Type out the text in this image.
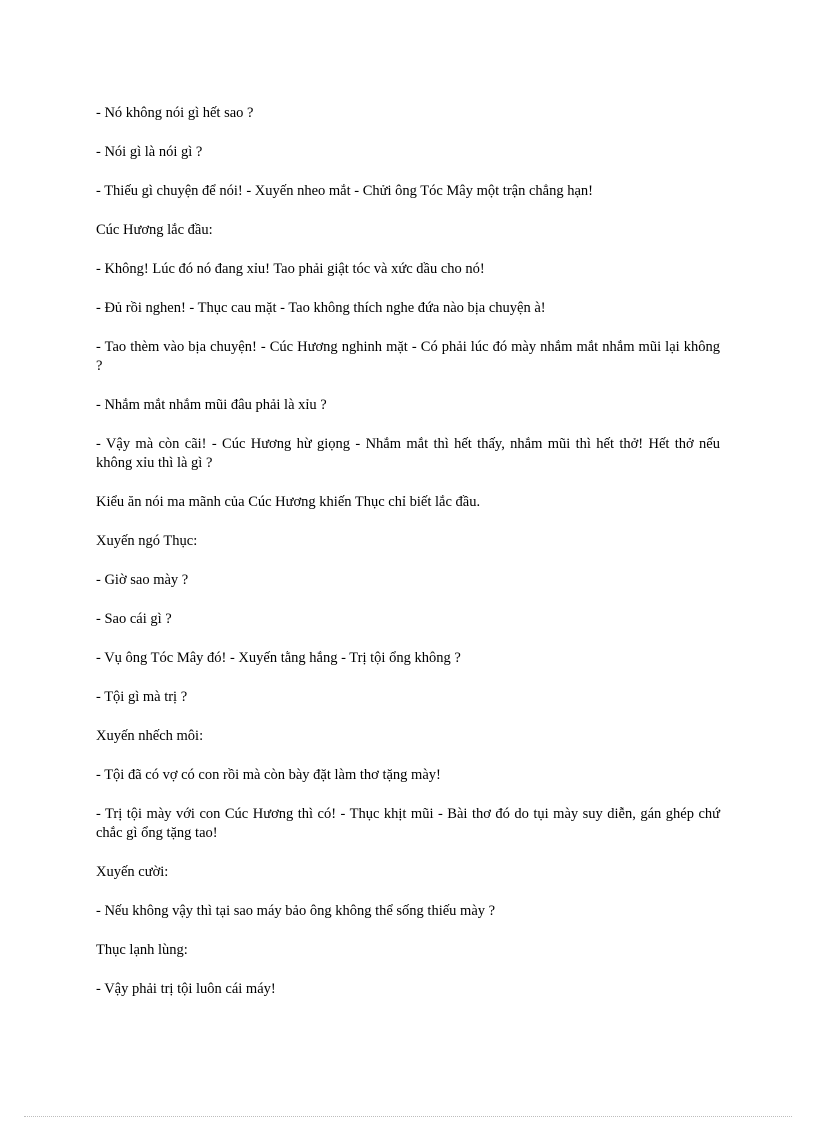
- Nó không nói gì hết sao ?

- Nói gì là nói gì ?

- Thiếu gì chuyện để nói! - Xuyến nheo mắt - Chửi ông Tóc Mây một trận chẳng hạn!

Cúc Hương lắc đầu:

- Không! Lúc đó nó đang xỉu! Tao phải giật tóc và xức dầu cho nó!

- Đủ rồi nghen! - Thục cau mặt - Tao không thích nghe đứa nào bịa chuyện à!

- Tao thèm vào bịa chuyện! - Cúc Hương nghinh mặt - Có phải lúc đó mày nhắm mắt nhắm mũi lại không ?

- Nhắm mắt nhắm mũi đâu phải là xỉu ?

- Vậy mà còn cãi! - Cúc Hương hừ giọng - Nhắm mắt thì hết thấy, nhắm mũi thì hết thở! Hết thở nếu không xỉu thì là gì ?

Kiểu ăn nói ma mãnh của Cúc Hương khiến Thục chỉ biết lắc đầu.

Xuyến ngó Thục:

- Giờ sao mày ?

- Sao cái gì ?

- Vụ ông Tóc Mây đó! - Xuyến tằng hắng - Trị tội ổng không ?

- Tội gì mà trị ?

Xuyến nhếch môi:

- Tội đã có vợ có con rồi mà còn bày đặt làm thơ tặng mày!

- Trị tội mày với con Cúc Hương thì có! - Thục khịt mũi - Bài thơ đó do tụi mày suy diễn, gán ghép chứ chắc gì ổng tặng tao!

Xuyến cười:

- Nếu không vậy thì tại sao máy bảo ông không thể sống thiếu mày ?

Thục lạnh lùng:

- Vậy phải trị tội luôn cái máy!
